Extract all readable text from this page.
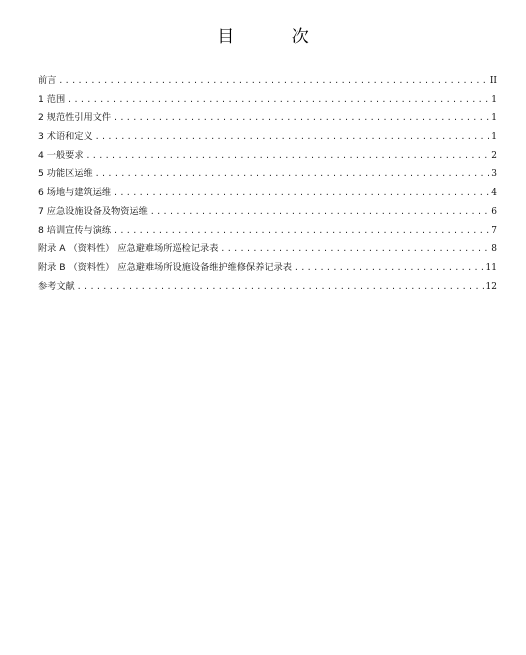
目 次
前言 .....	II
1 范围 .....	1
2 规范性引用文件 .....	1
3 术语和定义 .....	1
4 一般要求 .....	2
5 功能区运维 .....	3
6 场地与建筑运维 .....	4
7 应急设施设备及物资运维 .....	6
8 培训宣传与演练 .....	7
附录 A （资料性） 应急避难场所巡检记录表 .....	8
附录 B （资料性） 应急避难场所设施设备维护维修保养记录表 .....	11
参考文献 .....	12
